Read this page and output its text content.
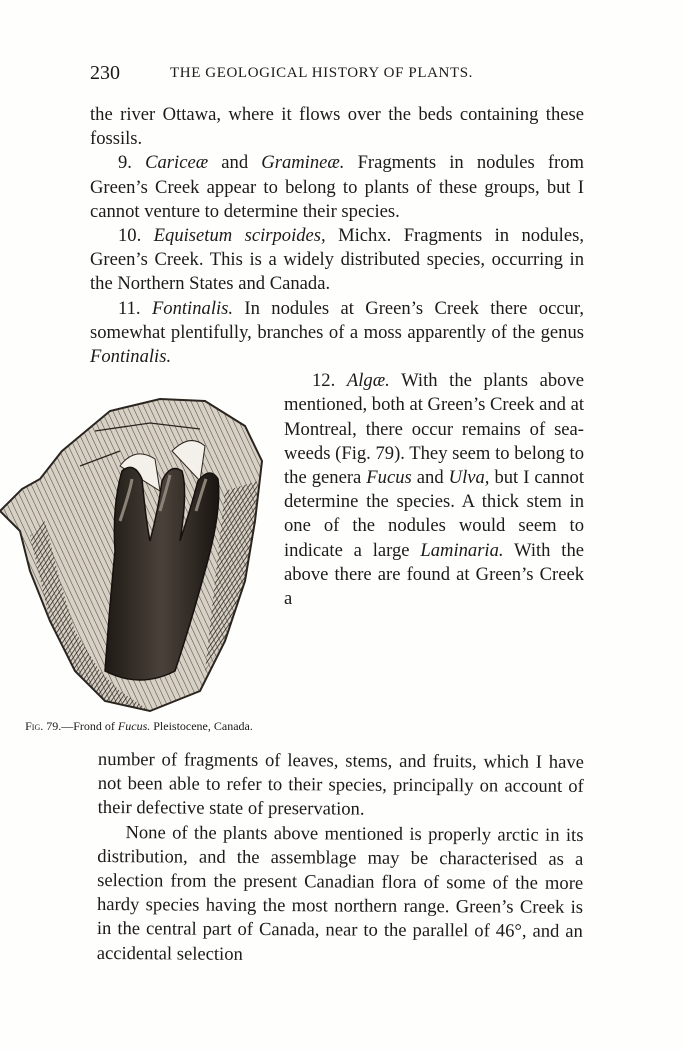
230	THE GEOLOGICAL HISTORY OF PLANTS.

the river Ottawa, where it flows over the beds containing these fossils.

9. Cariceæ and Gramineæ. Fragments in nodules from Green’s Creek appear to belong to plants of these groups, but I cannot venture to determine their species.

10. Equisetum scirpoides, Michx. Fragments in nodules, Green’s Creek. This is a widely distributed species, occurring in the Northern States and Canada.

11. Fontinalis. In nodules at Green’s Creek there occur, somewhat plentifully, branches of a moss apparently of the genus Fontinalis.

Fig. 79.—Frond of Fucus. Pleistocene, Canada.

12. Algæ. With the plants above mentioned, both at Green’s Creek and at Montreal, there occur remains of sea-weeds (Fig. 79). They seem to belong to the genera Fucus and Ulva, but I cannot determine the species. A thick stem in one of the nodules would seem to indicate a large Laminaria. With the above there are found at Green’s Creek a

number of fragments of leaves, stems, and fruits, which I have not been able to refer to their species, principally on account of their defective state of preservation.

None of the plants above mentioned is properly arctic in its distribution, and the assemblage may be characterised as a selection from the present Canadian flora of some of the more hardy species having the most northern range. Green’s Creek is in the central part of Canada, near to the parallel of 46°, and an accidental selection
